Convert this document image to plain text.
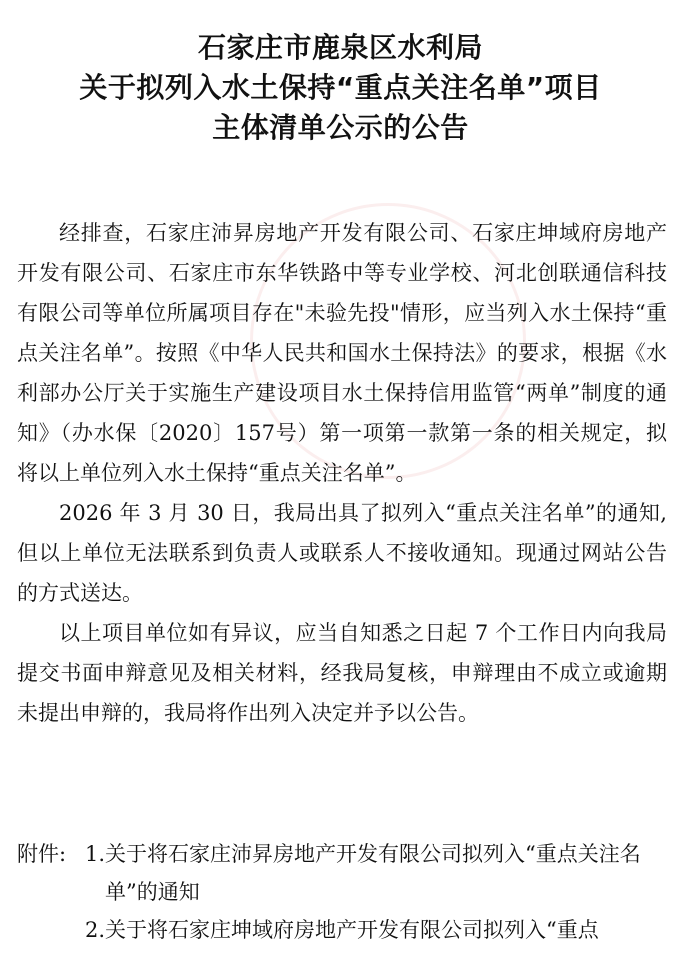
石家庄市鹿泉区水利局
关于拟列入水土保持“重点关注名单”项目
主体清单公示的公告

经排查，石家庄沛昇房地产开发有限公司、石家庄坤域府房地产开发有限公司、石家庄市东华铁路中等专业学校、河北创联通信科技有限公司等单位所属项目存在"未验先投"情形，应当列入水土保持“重点关注名单”。按照《中华人民共和国水土保持法》的要求，根据《水利部办公厅关于实施生产建设项目水土保持信用监管“两单”制度的通知》（办水保〔2020〕157号）第一项第一款第一条的相关规定，拟将以上单位列入水土保持“重点关注名单”。

2026 年 3 月 30 日，我局出具了拟列入“重点关注名单”的通知,但以上单位无法联系到负责人或联系人不接收通知。现通过网站公告的方式送达。

以上项目单位如有异议，应当自知悉之日起 7 个工作日内向我局提交书面申辩意见及相关材料，经我局复核，申辩理由不成立或逾期未提出申辩的，我局将作出列入决定并予以公告。

附件: 1. 关于将石家庄沛昇房地产开发有限公司拟列入“重点关注名单”的通知
2. 关于将石家庄坤域府房地产开发有限公司拟列入“重点
